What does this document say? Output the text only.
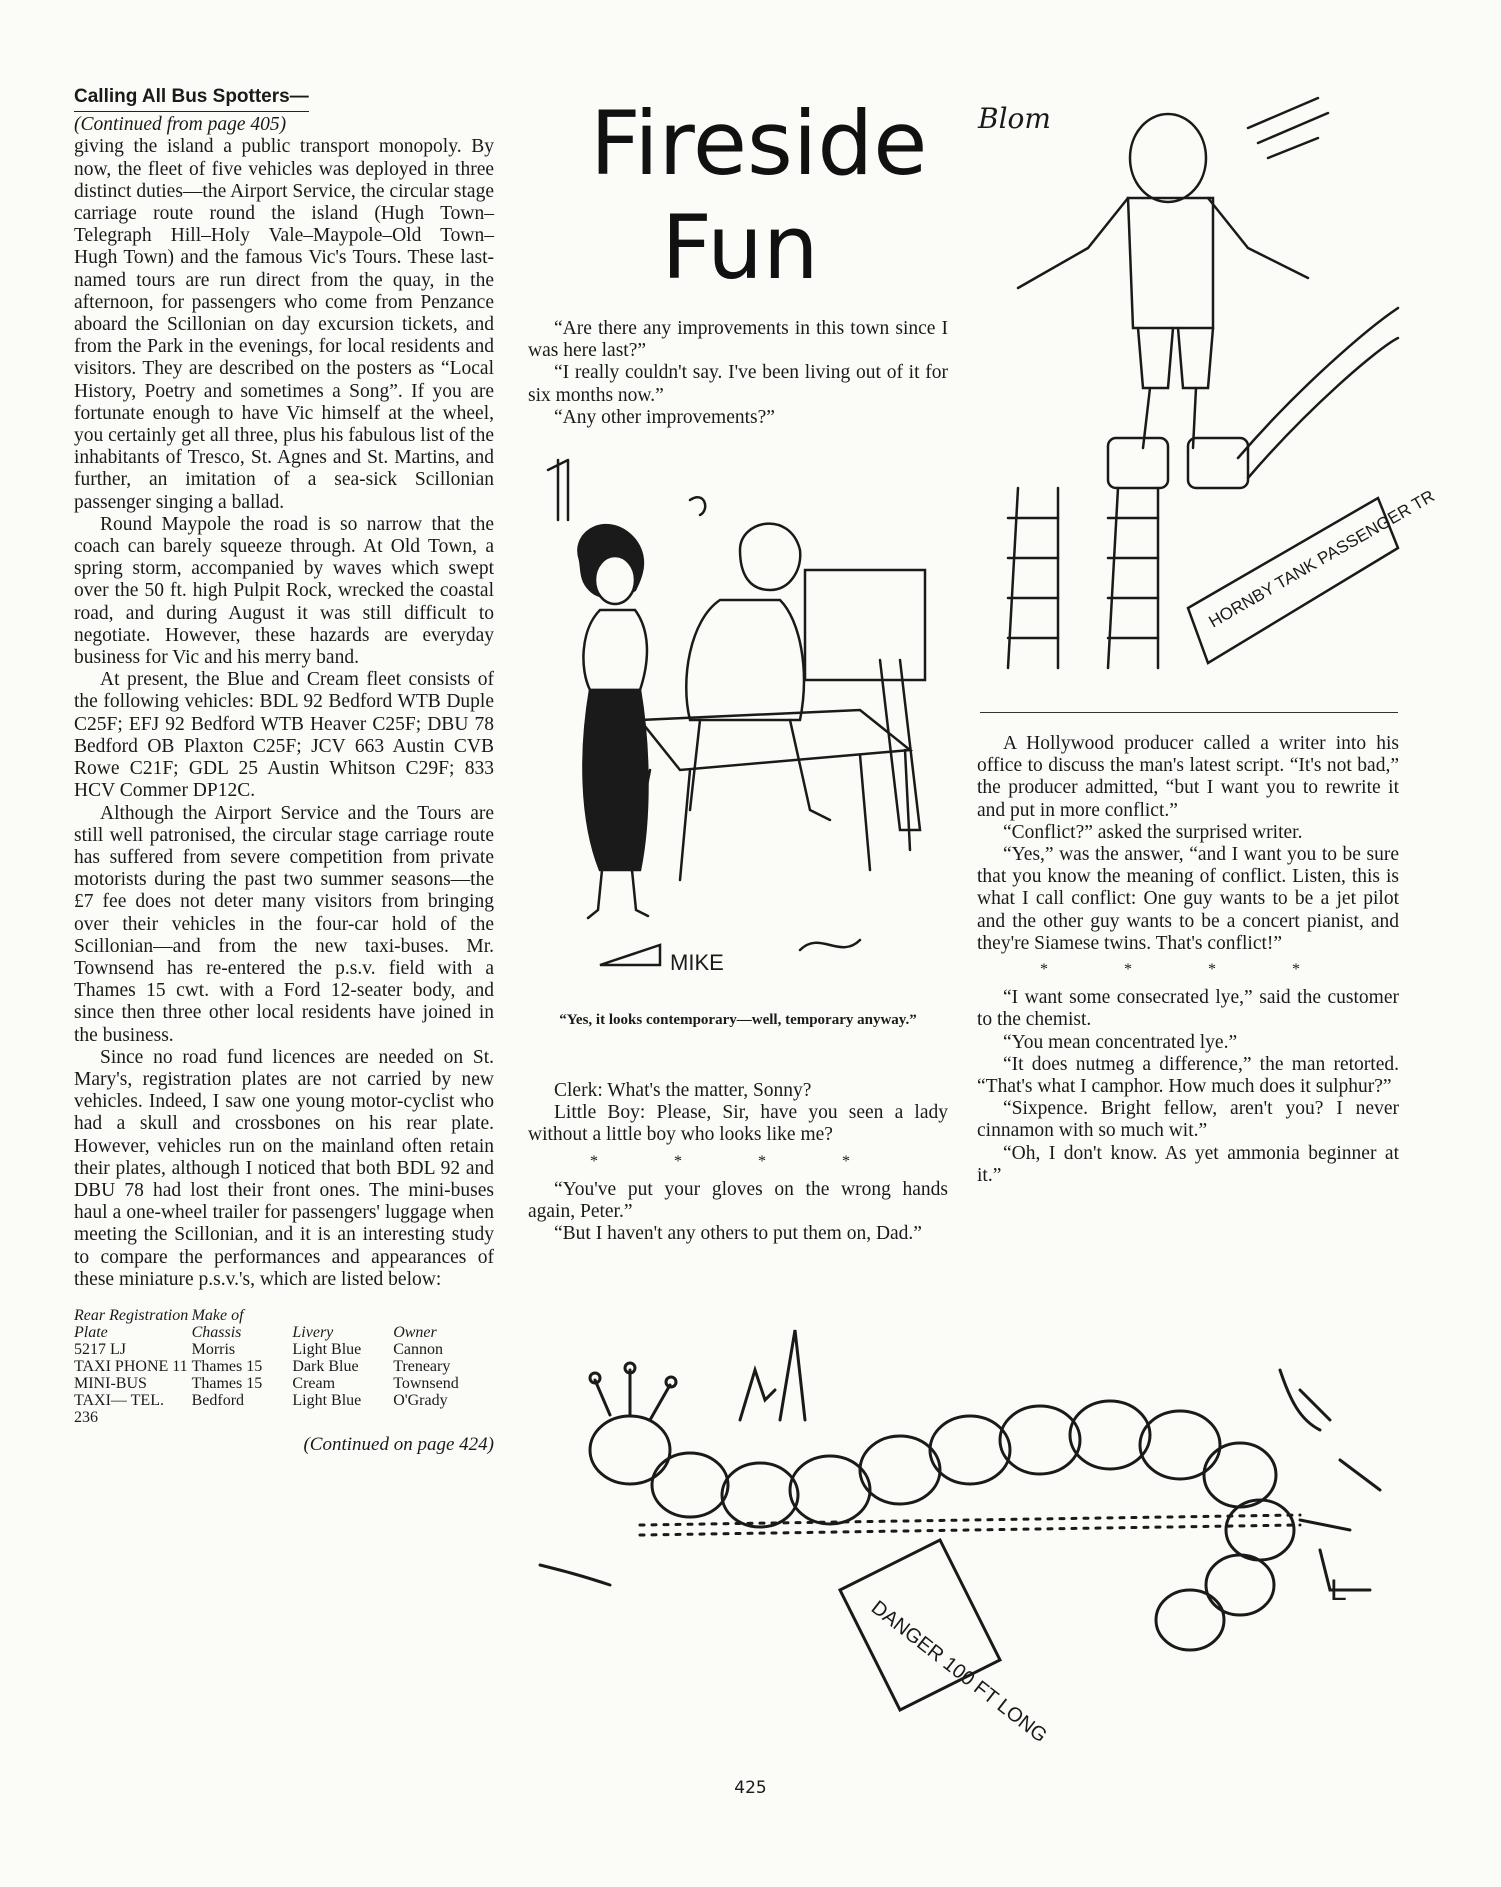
Calling All Bus Spotters—

(Continued from page 405)

giving the island a public transport monopoly. By now, the fleet of five vehicles was deployed in three distinct duties—the Airport Service, the circular stage carriage route round the island (Hugh Town–Telegraph Hill–Holy Vale–Maypole–Old Town–Hugh Town) and the famous Vic's Tours. These last-named tours are run direct from the quay, in the afternoon, for passengers who come from Penzance aboard the Scillonian on day excursion tickets, and from the Park in the evenings, for local residents and visitors. They are described on the posters as “Local History, Poetry and sometimes a Song”. If you are fortunate enough to have Vic himself at the wheel, you certainly get all three, plus his fabulous list of the inhabitants of Tresco, St. Agnes and St. Martins, and further, an imitation of a sea-sick Scillonian passenger singing a ballad.

Round Maypole the road is so narrow that the coach can barely squeeze through. At Old Town, a spring storm, accompanied by waves which swept over the 50 ft. high Pulpit Rock, wrecked the coastal road, and during August it was still difficult to negotiate. However, these hazards are everyday business for Vic and his merry band.

At present, the Blue and Cream fleet consists of the following vehicles: BDL 92 Bedford WTB Duple C25F; EFJ 92 Bedford WTB Heaver C25F; DBU 78 Bedford OB Plaxton C25F; JCV 663 Austin CVB Rowe C21F; GDL 25 Austin Whitson C29F; 833 HCV Commer DP12C.

Although the Airport Service and the Tours are still well patronised, the circular stage carriage route has suffered from severe competition from private motorists during the past two summer seasons—the £7 fee does not deter many visitors from bringing over their vehicles in the four-car hold of the Scillonian—and from the new taxi-buses. Mr. Townsend has re-entered the p.s.v. field with a Thames 15 cwt. with a Ford 12-seater body, and since then three other local residents have joined in the business.

Since no road fund licences are needed on St. Mary's, registration plates are not carried by new vehicles. Indeed, I saw one young motor-cyclist who had a skull and crossbones on his rear plate. However, vehicles run on the mainland often retain their plates, although I noticed that both BDL 92 and DBU 78 had lost their front ones. The mini-buses haul a one-wheel trailer for passengers' luggage when meeting the Scillonian, and it is an interesting study to compare the performances and appearances of these miniature p.s.v.'s, which are listed below:

Rear Registration Plate	Make of Chassis	Livery	Owner
5217 LJ	Morris	Light Blue	Cannon
TAXI PHONE 11	Thames 15	Dark Blue	Treneary
MINI-BUS	Thames 15	Cream	Townsend
TAXI— TEL. 236	Bedford	Light Blue	O'Grady
(Continued on page 424)
Fireside
Fun

“Are there any improvements in this town since I was here last?”

“I really couldn't say. I've been living out of it for six months now.”

“Any other improvements?”

MIKE
“Yes, it looks contemporary—well, temporary anyway.”

Clerk: What's the matter, Sonny?

Little Boy: Please, Sir, have you seen a lady without a little boy who looks like me?

* * * *

“You've put your gloves on the wrong hands again, Peter.”

“But I haven't any others to put them on, Dad.”

Blom
HORNBY TANK PASSENGER TR

A Hollywood producer called a writer into his office to discuss the man's latest script. “It's not bad,” the producer admitted, “but I want you to rewrite it and put in more conflict.”

“Conflict?” asked the surprised writer.

“Yes,” was the answer, “and I want you to be sure that you know the meaning of conflict. Listen, this is what I call conflict: One guy wants to be a jet pilot and the other guy wants to be a concert pianist, and they're Siamese twins. That's conflict!”

* * * *

“I want some consecrated lye,” said the customer to the chemist.

“You mean concentrated lye.”

“It does nutmeg a difference,” the man retorted. “That's what I camphor. How much does it sulphur?”

“Sixpence. Bright fellow, aren't you? I never cinnamon with so much wit.”

“Oh, I don't know. As yet ammonia beginner at it.”

L
DANGER 100 FT LONG
425
